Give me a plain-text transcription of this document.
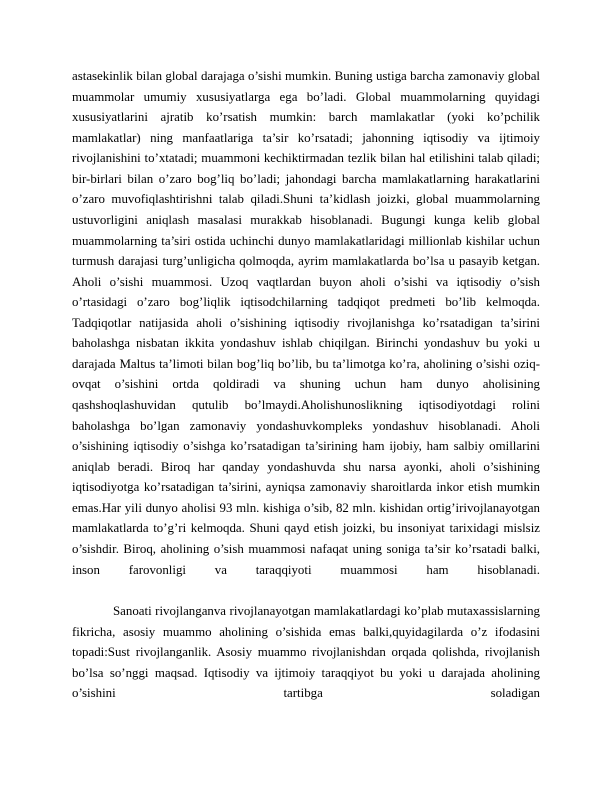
astasekinlik bilan global darajaga o’sishi mumkin. Buning ustiga barcha zamonaviy global muammolar umumiy xususiyatlarga ega bo’ladi. Global muammolarning quyidagi xususiyatlarini ajratib ko’rsatish mumkin: barch mamlakatlar (yoki ko’pchilik mamlakatlar) ning manfaatlariga ta’sir ko’rsatadi; jahonning iqtisodiy va ijtimoiy rivojlanishini to’xtatadi; muammoni kechiktirmadan tezlik bilan hal etilishini talab qiladi; bir-birlari bilan o’zaro bog’liq bo’ladi; jahondagi barcha mamlakatlarning harakatlarini o’zaro muvofiqlashtirishni talab qiladi.Shuni ta’kidlash joizki, global muammolarning ustuvorligini aniqlash masalasi murakkab hisoblanadi. Bugungi kunga kelib global muammolarning ta’siri ostida uchinchi dunyo mamlakatlaridagi millionlab kishilar uchun turmush darajasi turg’unligicha qolmoqda, ayrim mamlakatlarda bo’lsa u pasayib ketgan. Aholi o’sishi muammosi. Uzoq vaqtlardan buyon aholi o’sishi va iqtisodiy o’sish o’rtasidagi o’zaro bog’liqlik iqtisodchilarning tadqiqot predmeti bo’lib kelmoqda. Tadqiqotlar natijasida aholi o’sishining iqtisodiy rivojlanishga ko’rsatadigan ta’sirini baholashga nisbatan ikkita yondashuv ishlab chiqilgan. Birinchi yondashuv bu yoki u darajada Maltus ta’limoti bilan bog’liq bo’lib, bu ta’limotga ko’ra, aholining o’sishi oziq-ovqat o’sishini ortda qoldiradi va shuning uchun ham dunyo aholisining qashshoqlashuvidan qutulib bo’lmaydi.Aholishunoslikning iqtisodiyotdagi rolini baholashga bo’lgan zamonaviy yondashuvkompleks yondashuv hisoblanadi. Aholi o’sishining iqtisodiy o’sishga ko’rsatadigan ta’sirining ham ijobiy, ham salbiy omillarini aniqlab beradi. Biroq har qanday yondashuvda shu narsa ayonki, aholi o’sishining iqtisodiyotga ko’rsatadigan ta’sirini, ayniqsa zamonaviy sharoitlarda inkor etish mumkin emas.Har yili dunyo aholisi 93 mln. kishiga o’sib, 82 mln. kishidan ortig’irivojlanayotgan mamlakatlarda to’g’ri kelmoqda. Shuni qayd etish joizki, bu insoniyat tarixidagi mislsiz o’sishdir. Biroq, aholining o’sish muammosi nafaqat uning soniga ta’sir ko’rsatadi balki, inson farovonligi va taraqqiyoti muammosi ham hisoblanadi.

Sanoati rivojlanganva rivojlanayotgan mamlakatlardagi ko’plab mutaxassislarning fikricha, asosiy muammo aholining o’sishida emas balki,quyidagilarda o’z ifodasini topadi:Sust rivojlanganlik. Asosiy muammo rivojlanishdan orqada qolishda, rivojlanish bo’lsa so’nggi maqsad. Iqtisodiy va ijtimoiy taraqqiyot bu yoki u darajada aholining o’sishini tartibga soladigan
